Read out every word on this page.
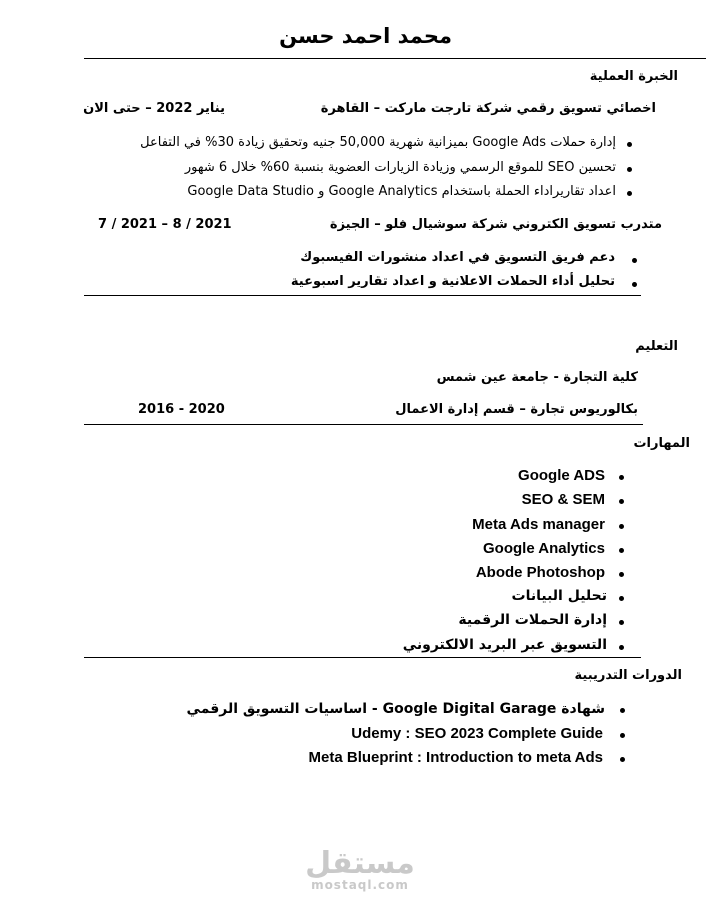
محمد احمد حسن
الخبرة العملية
اخصائي تسويق رقمي شركة تارجت ماركت – القاهرة
يناير 2022 – حتى الان
إدارة حملات Google Ads بميزانية شهرية 50,000 جنيه وتحقيق زيادة 30% في التفاعل
تحسين SEO للموقع الرسمي وزيادة الزيارات العضوية بنسبة 60% خلال 6 شهور
اعداد تقاريراداء الحملة باستخدام Google Analytics و Google Data Studio
متدرب تسويق الكتروني شركة سوشيال فلو – الجيزة
7 / 2021 – 8 / 2021
دعم فريق التسويق في اعداد منشورات الفيسبوك
تحليل أداء الحملات الاعلانية و اعداد تقارير اسبوعية
التعليم
كلية التجارة - جامعة عين شمس
بكالوريوس تجارة – قسم إدارة الاعمال
2016 - 2020
المهارات
Google ADS
SEO & SEM
Meta Ads manager
Google Analytics
Abode Photoshop
تحليل البيانات
إدارة الحملات الرقمية
التسويق عبر البريد الالكتروني
الدورات التدريبية
شهادة Google Digital Garage - اساسيات التسويق الرقمي
Udemy : SEO 2023 Complete Guide
Meta Blueprint : Introduction to meta Ads
مستقل
mostaql.com
